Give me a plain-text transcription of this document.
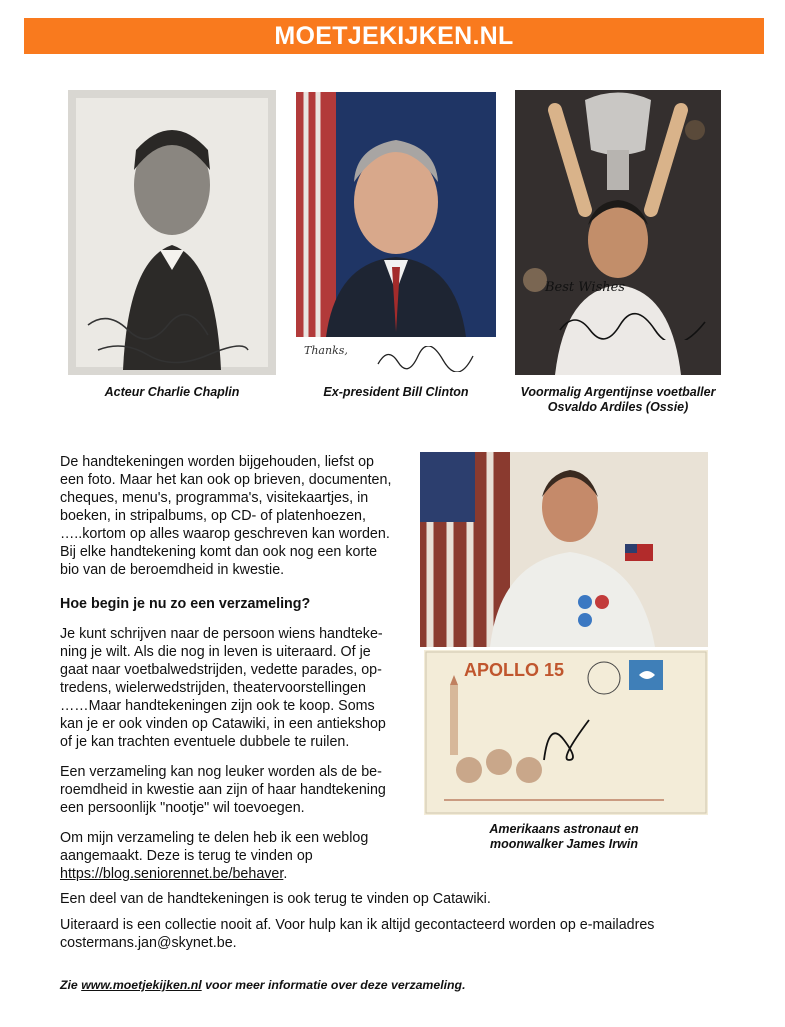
MOETJEKIJKEN.NL
Acteur Charlie Chaplin
Thanks,
Ex-president Bill Clinton
Best Wishes
Voormalig Argentijnse voetballer
Osvaldo Ardiles (Ossie)

De handtekeningen worden bijgehouden, liefst op
een foto. Maar het kan ook op brieven, documenten,
cheques, menu's, programma's, visitekaartjes, in
boeken, in stripalbums, op CD- of platenhoezen,
…..kortom op alles waarop geschreven kan worden.
Bij elke handtekening komt dan ook nog een korte
bio van de beroemdheid in kwestie.

Hoe begin je nu zo een verzameling?

Je kunt schrijven naar de persoon wiens handteke-
ning je wilt. Als die nog in leven is uiteraard. Of je
gaat naar voetbalwedstrijden, vedette parades, op-
tredens, wielerwedstrijden, theatervoorstellingen
……Maar handtekeningen zijn ook te koop. Soms
kan je er ook vinden op Catawiki, in een antiekshop
of je kan trachten eventuele dubbele te ruilen.

Een verzameling kan nog leuker worden als de be-
roemdheid in kwestie aan zijn of haar handtekening
een persoonlijk "nootje" wil toevoegen.

Om mijn verzameling te delen heb ik een weblog
aangemaakt. Deze is terug te vinden op
https://blog.seniorennet.be/behaver.

APOLLO 15
Amerikaans astronaut en
moonwalker James Irwin

Een deel van de handtekeningen is ook terug te vinden op Catawiki.

Uiteraard is een collectie nooit af. Voor hulp kan ik altijd gecontacteerd worden op e-mailadres
costermans.jan@skynet.be.

Zie www.moetjekijken.nl voor meer informatie over deze verzameling.
